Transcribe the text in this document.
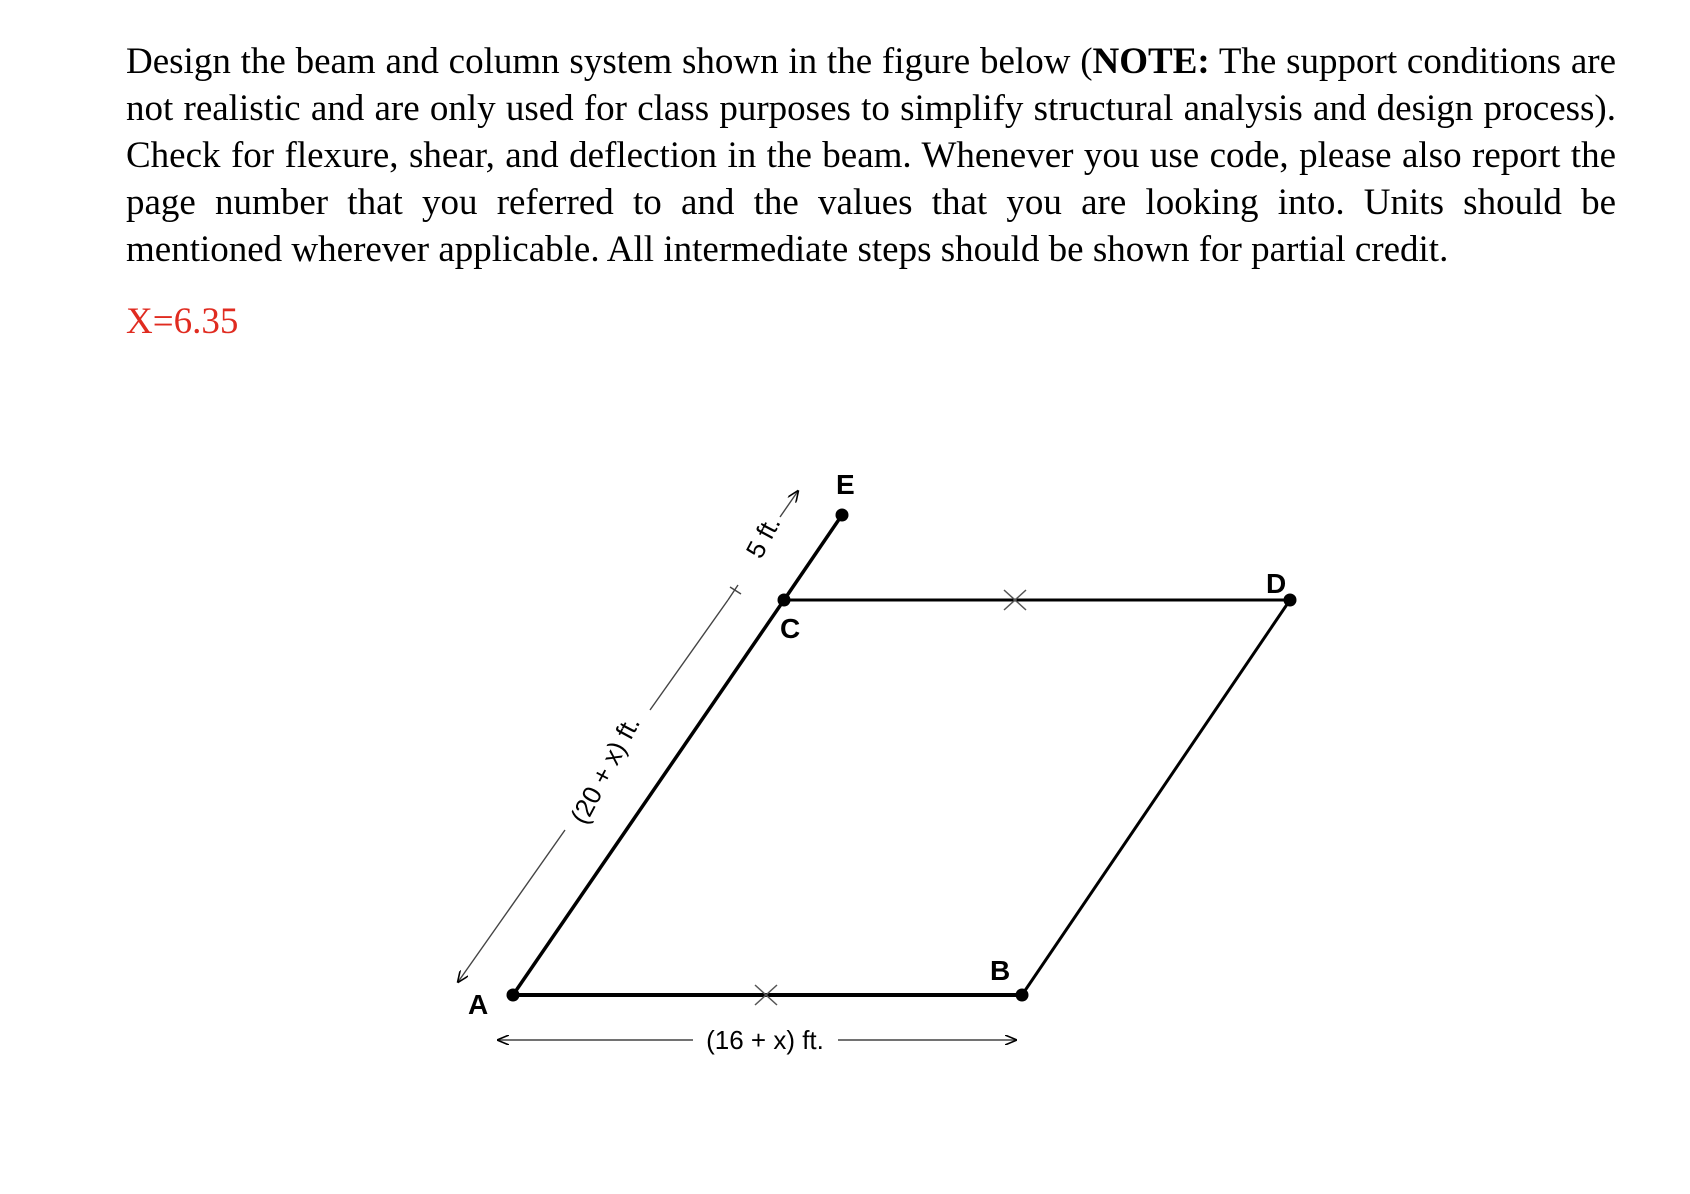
Design the beam and column system shown in the figure below (NOTE: The support conditions are not realistic and are only used for class purposes to simplify structural analysis and design process). Check for flexure, shear, and deflection in the beam. Whenever you use code, please also report the page number that you referred to and the values that you are looking into. Units should be mentioned wherever applicable. All intermediate steps should be shown for partial credit.

X=6.35

A
B
C
D
E
(16 + x) ft.
(20 + x) ft.
5 ft.
